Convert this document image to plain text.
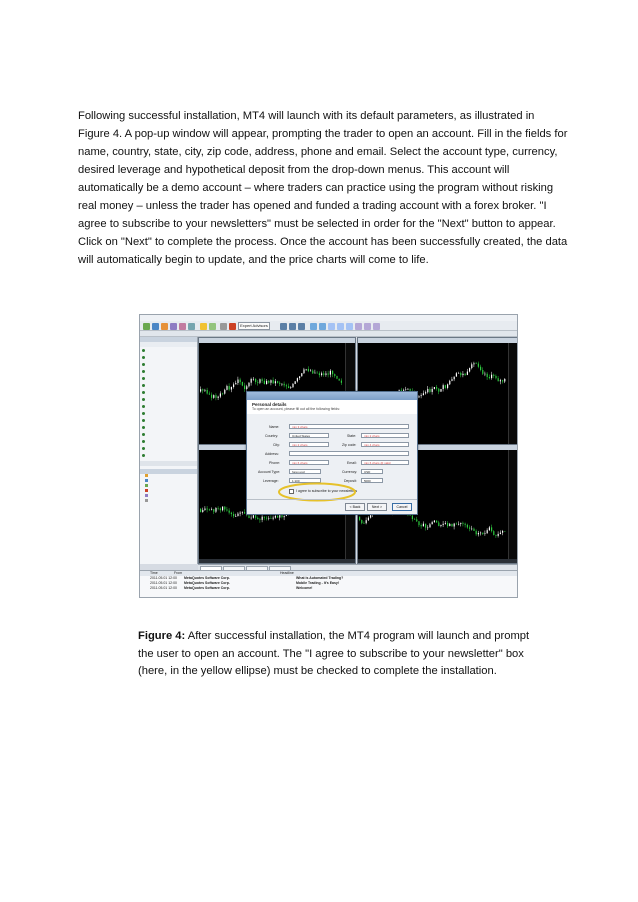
Following successful installation, MT4 will launch with its default parameters, as illustrated in Figure 4. A pop-up window will appear, prompting the trader to open an account. Fill in the fields for name, country, state, city, zip code, address, phone and email. Select the account type, currency, desired leverage and hypothetical deposit from the drop-down menus. This account will automatically be a demo account – where traders can practice using the program without risking real money – unless the trader has opened and funded a trading account with a forex broker. "I agree to subscribe to your newsletters" must be selected in order for the "Next" button to appear. Click on "Next" to complete the process. Once the account has been successfully created, the data will automatically begin to update, and the price charts will come to life.

Expert Advisors
Time	From	Headline
2011.05.01 12:00	MetaQuotes Software Corp.	What is Automated Trading?
2011.05.01 12:00	MetaQuotes Software Corp.	Mobile Trading - It's Easy!
2011.05.01 12:00	MetaQuotes Software Corp.	Welcome!
Personal details
To open an account, please fill out all the following fields:
Name:	min 3 chars
Country:	United States	State:	min 2 chars
City:	min 2 chars	Zip code:	min 4 chars
Address:
Phone:	min 6 chars	Email:	min 6 chars @ valid
Account Type:	forex-usd	Currency:	USD
Leverage:	1:100	Deposit:	5000
I agree to subscribe to your newsletters
< Back	Next >	Cancel

Figure 4: After successful installation, the MT4 program will launch and prompt the user to open an account. The "I agree to subscribe to your newsletter" box (here, in the yellow ellipse) must be checked to complete the installation.
